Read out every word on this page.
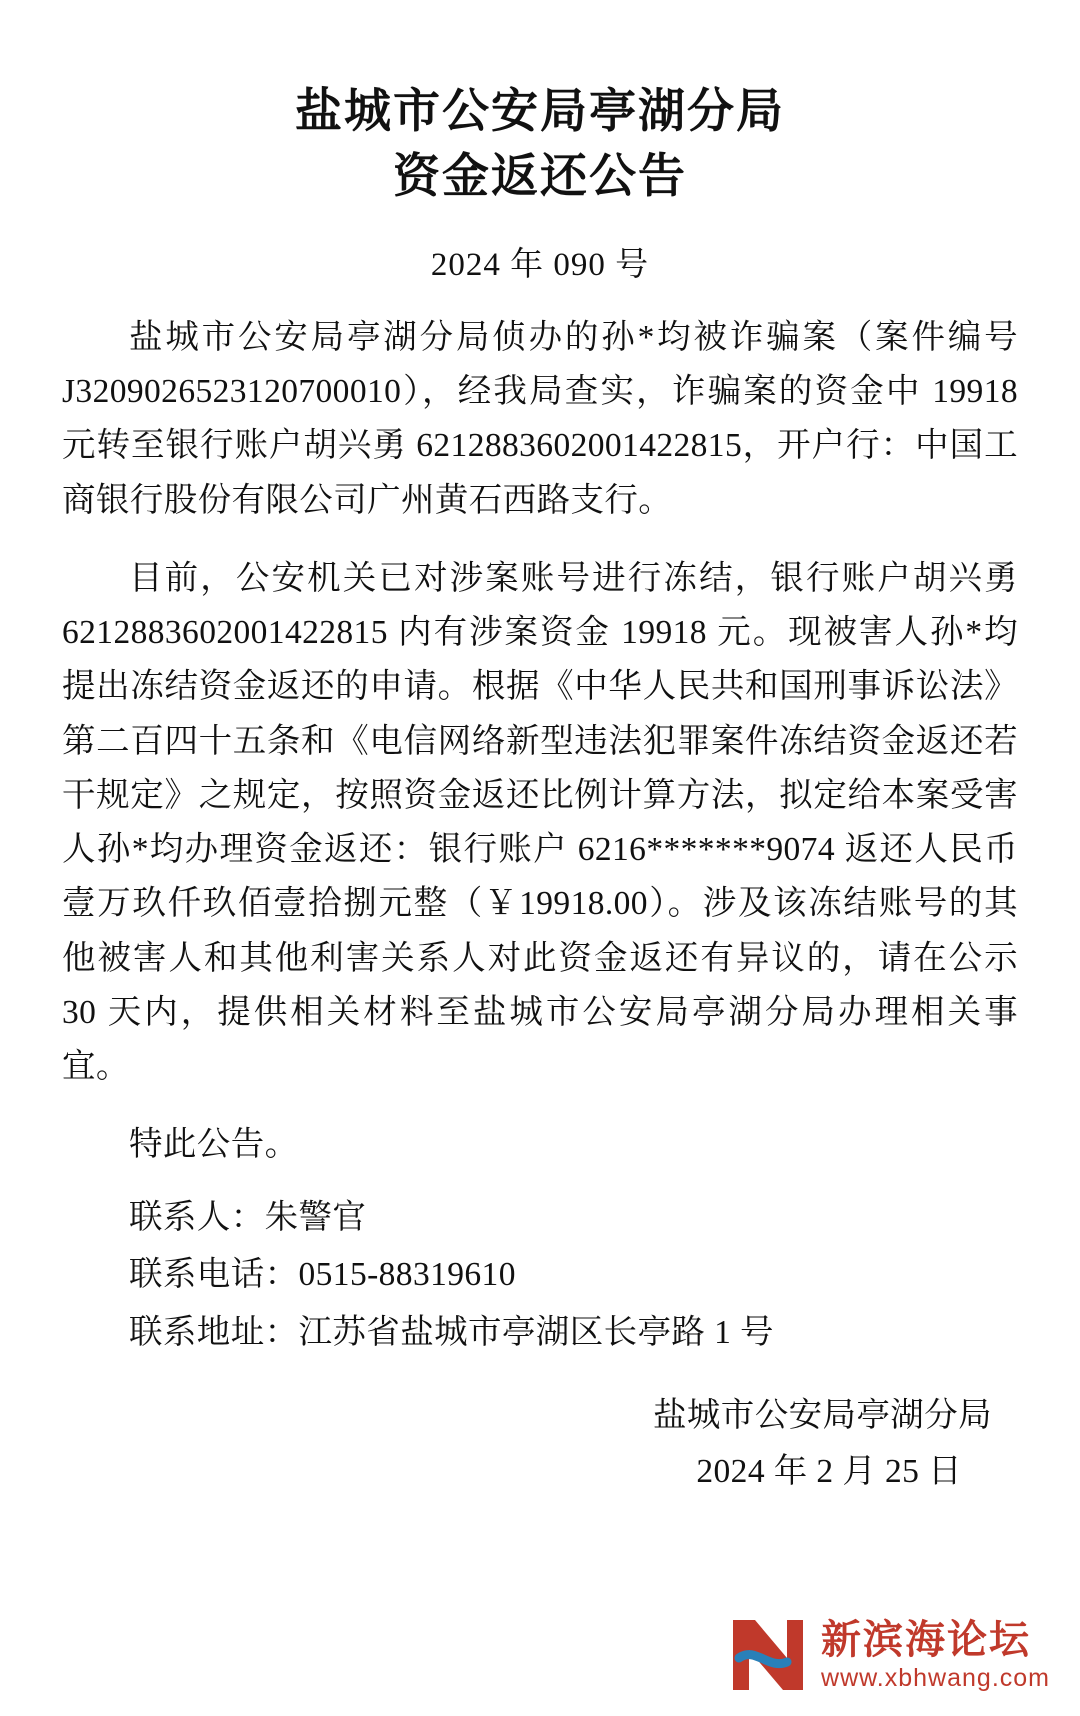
盐城市公安局亭湖分局
资金返还公告
2024 年 090 号

盐城市公安局亭湖分局侦办的孙*均被诈骗案（案件编号 J3209026523120700010），经我局查实，诈骗案的资金中 19918 元转至银行账户胡兴勇 6212883602001422815，开户行：中国工商银行股份有限公司广州黄石西路支行。

目前，公安机关已对涉案账号进行冻结，银行账户胡兴勇 6212883602001422815 内有涉案资金 19918 元。现被害人孙*均提出冻结资金返还的申请。根据《中华人民共和国刑事诉讼法》第二百四十五条和《电信网络新型违法犯罪案件冻结资金返还若干规定》之规定，按照资金返还比例计算方法，拟定给本案受害人孙*均办理资金返还：银行账户 6216*******9074 返还人民币壹万玖仟玖佰壹拾捌元整（￥19918.00）。涉及该冻结账号的其他被害人和其他利害关系人对此资金返还有异议的，请在公示 30 天内，提供相关材料至盐城市公安局亭湖分局办理相关事宜。

特此公告。

联系人：朱警官

联系电话：0515-88319610

联系地址：江苏省盐城市亭湖区长亭路 1 号

盐城市公安局亭湖分局
2024 年 2 月 25 日
新滨海论坛
www.xbhwang.com
